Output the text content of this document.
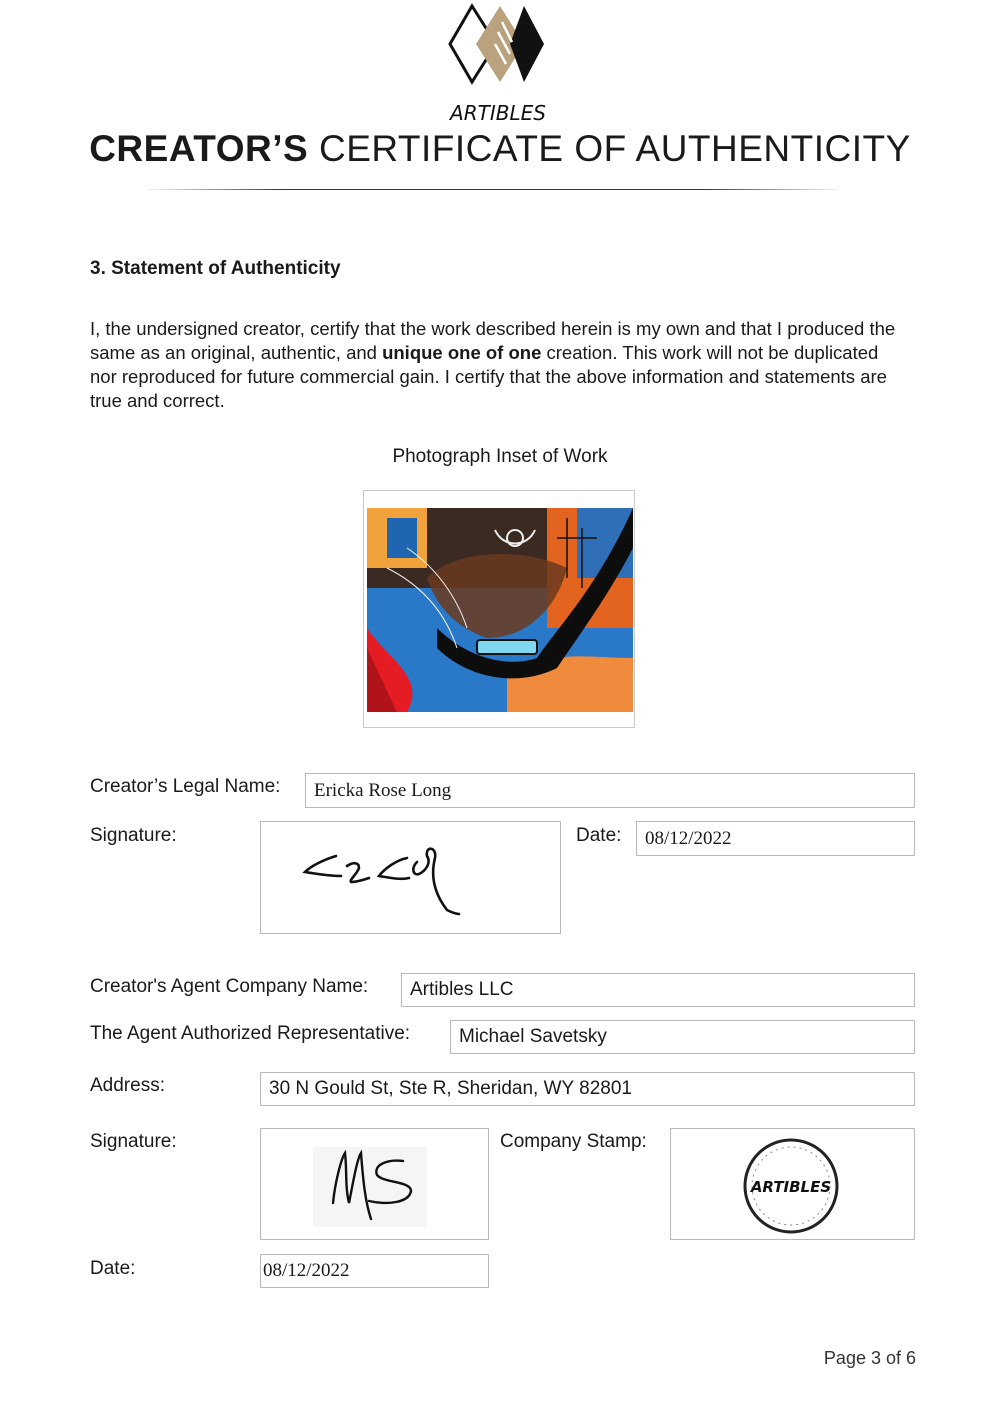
ARTIBLES
CREATOR’S CERTIFICATE OF AUTHENTICITY
3. Statement of Authenticity
I, the undersigned creator, certify that the work described herein is my own and that I produced the same as an original, authentic, and unique one of one creation. This work will not be duplicated nor reproduced for future commercial gain. I certify that the above information and statements are true and correct.
Photograph Inset of Work
Creator’s Legal Name:	Ericka Rose Long
Signature:	Date:	08/12/2022
Creator's Agent Company Name:	Artibles LLC
The Agent Authorized Representative:	Michael Savetsky
Address:	30 N Gould St, Ste R, Sheridan, WY 82801
Signature:	Company Stamp:
ARTIBLES
Date:	08/12/2022
Page 3 of 6
